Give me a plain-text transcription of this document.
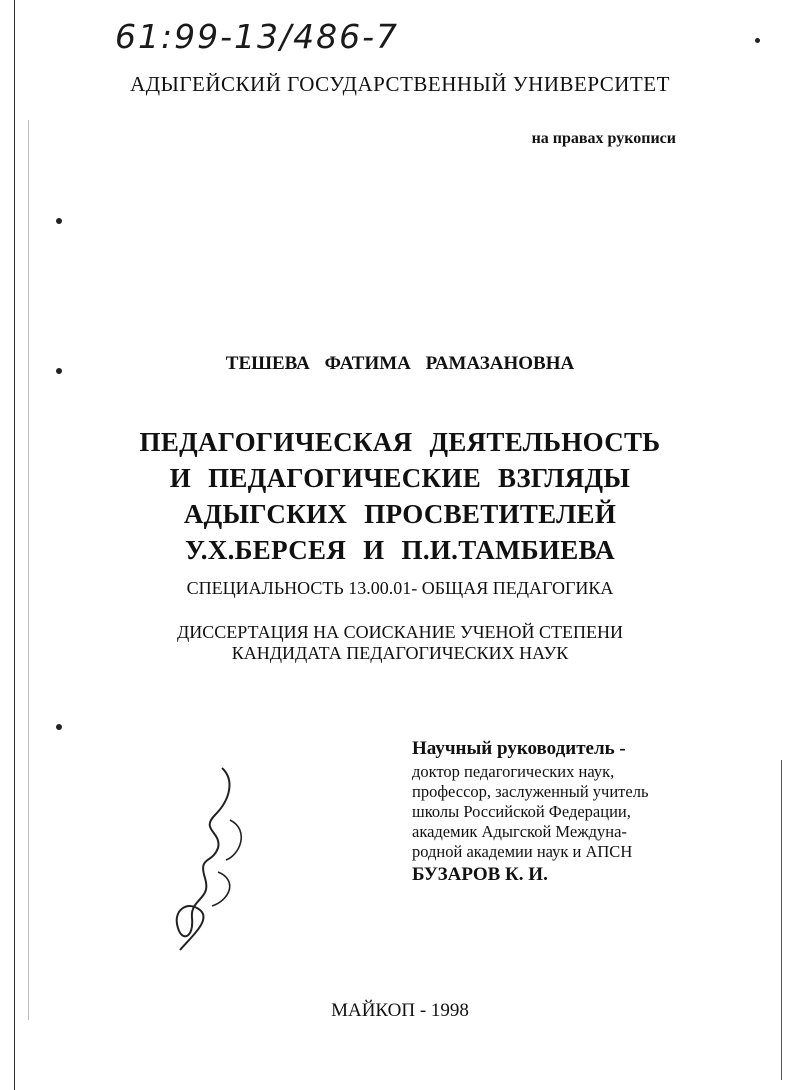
61:99-13/486-7
АДЫГЕЙСКИЙ ГОСУДАРСТВЕННЫЙ УНИВЕРСИТЕТ
на правах рукописи
ТЕШЕВА ФАТИМА РАМАЗАНОВНА
ПЕДАГОГИЧЕСКАЯ ДЕЯТЕЛЬНОСТЬ
И ПЕДАГОГИЧЕСКИЕ ВЗГЛЯДЫ
АДЫГСКИХ ПРОСВЕТИТЕЛЕЙ
У.Х.БЕРСЕЯ И П.И.ТАМБИЕВА
СПЕЦИАЛЬНОСТЬ 13.00.01- ОБЩАЯ ПЕДАГОГИКА
ДИССЕРТАЦИЯ НА СОИСКАНИЕ УЧЕНОЙ СТЕПЕНИ
КАНДИДАТА ПЕДАГОГИЧЕСКИХ НАУК
Научный руководитель -
доктор педагогических наук,
профессор, заслуженный учитель
школы Российской Федерации,
академик Адыгской Междуна-
родной академии наук и АПСН
БУЗАРОВ К. И.
МАЙКОП - 1998
